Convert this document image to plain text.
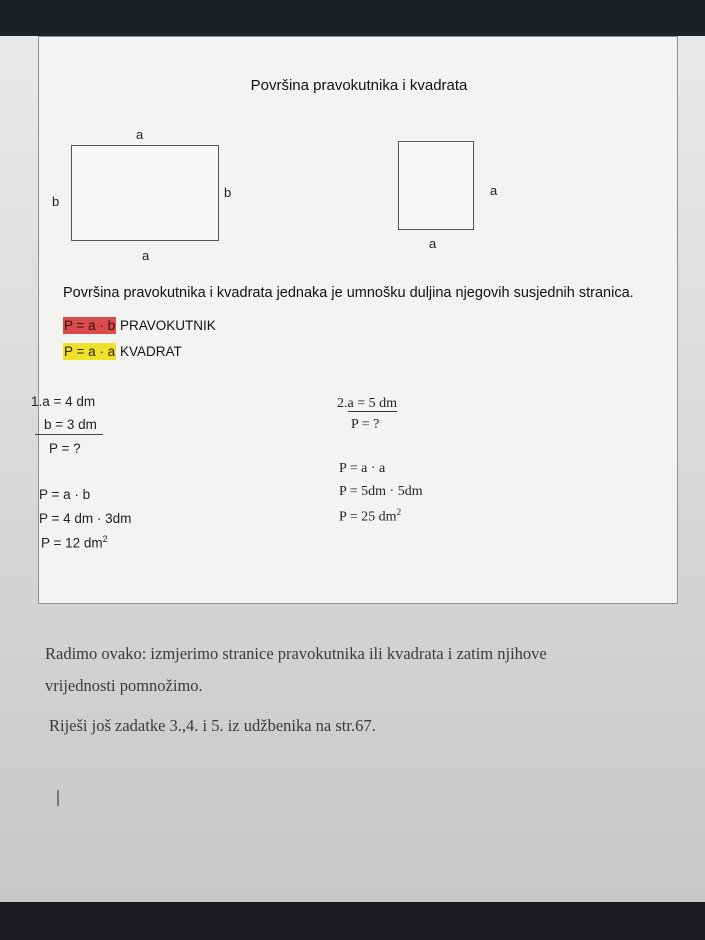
Površina pravokutnika i kvadrata
a
a
b
b	a
a
Površina pravokutnika i kvadrata jednaka je umnošku duljina njegovih susjednih stranica.
P = a · b PRAVOKUTNIK
P = a · a KVADRAT
1.a = 4 dm
b = 3 dm
P = ?
P = a · b
P = 4 dm · 3dm
P = 12 $dm^2$
2.a = 5 dm
P = ?
P = a · a
P = 5dm · 5dm
P = 25 $dm^2$
Radimo ovako: izmjerimo stranice pravokutnika ili kvadrata i zatim njihove
vrijednosti pomnožimo.
Riješi još zadatke 3.,4. i 5. iz udžbenika na str.67.
